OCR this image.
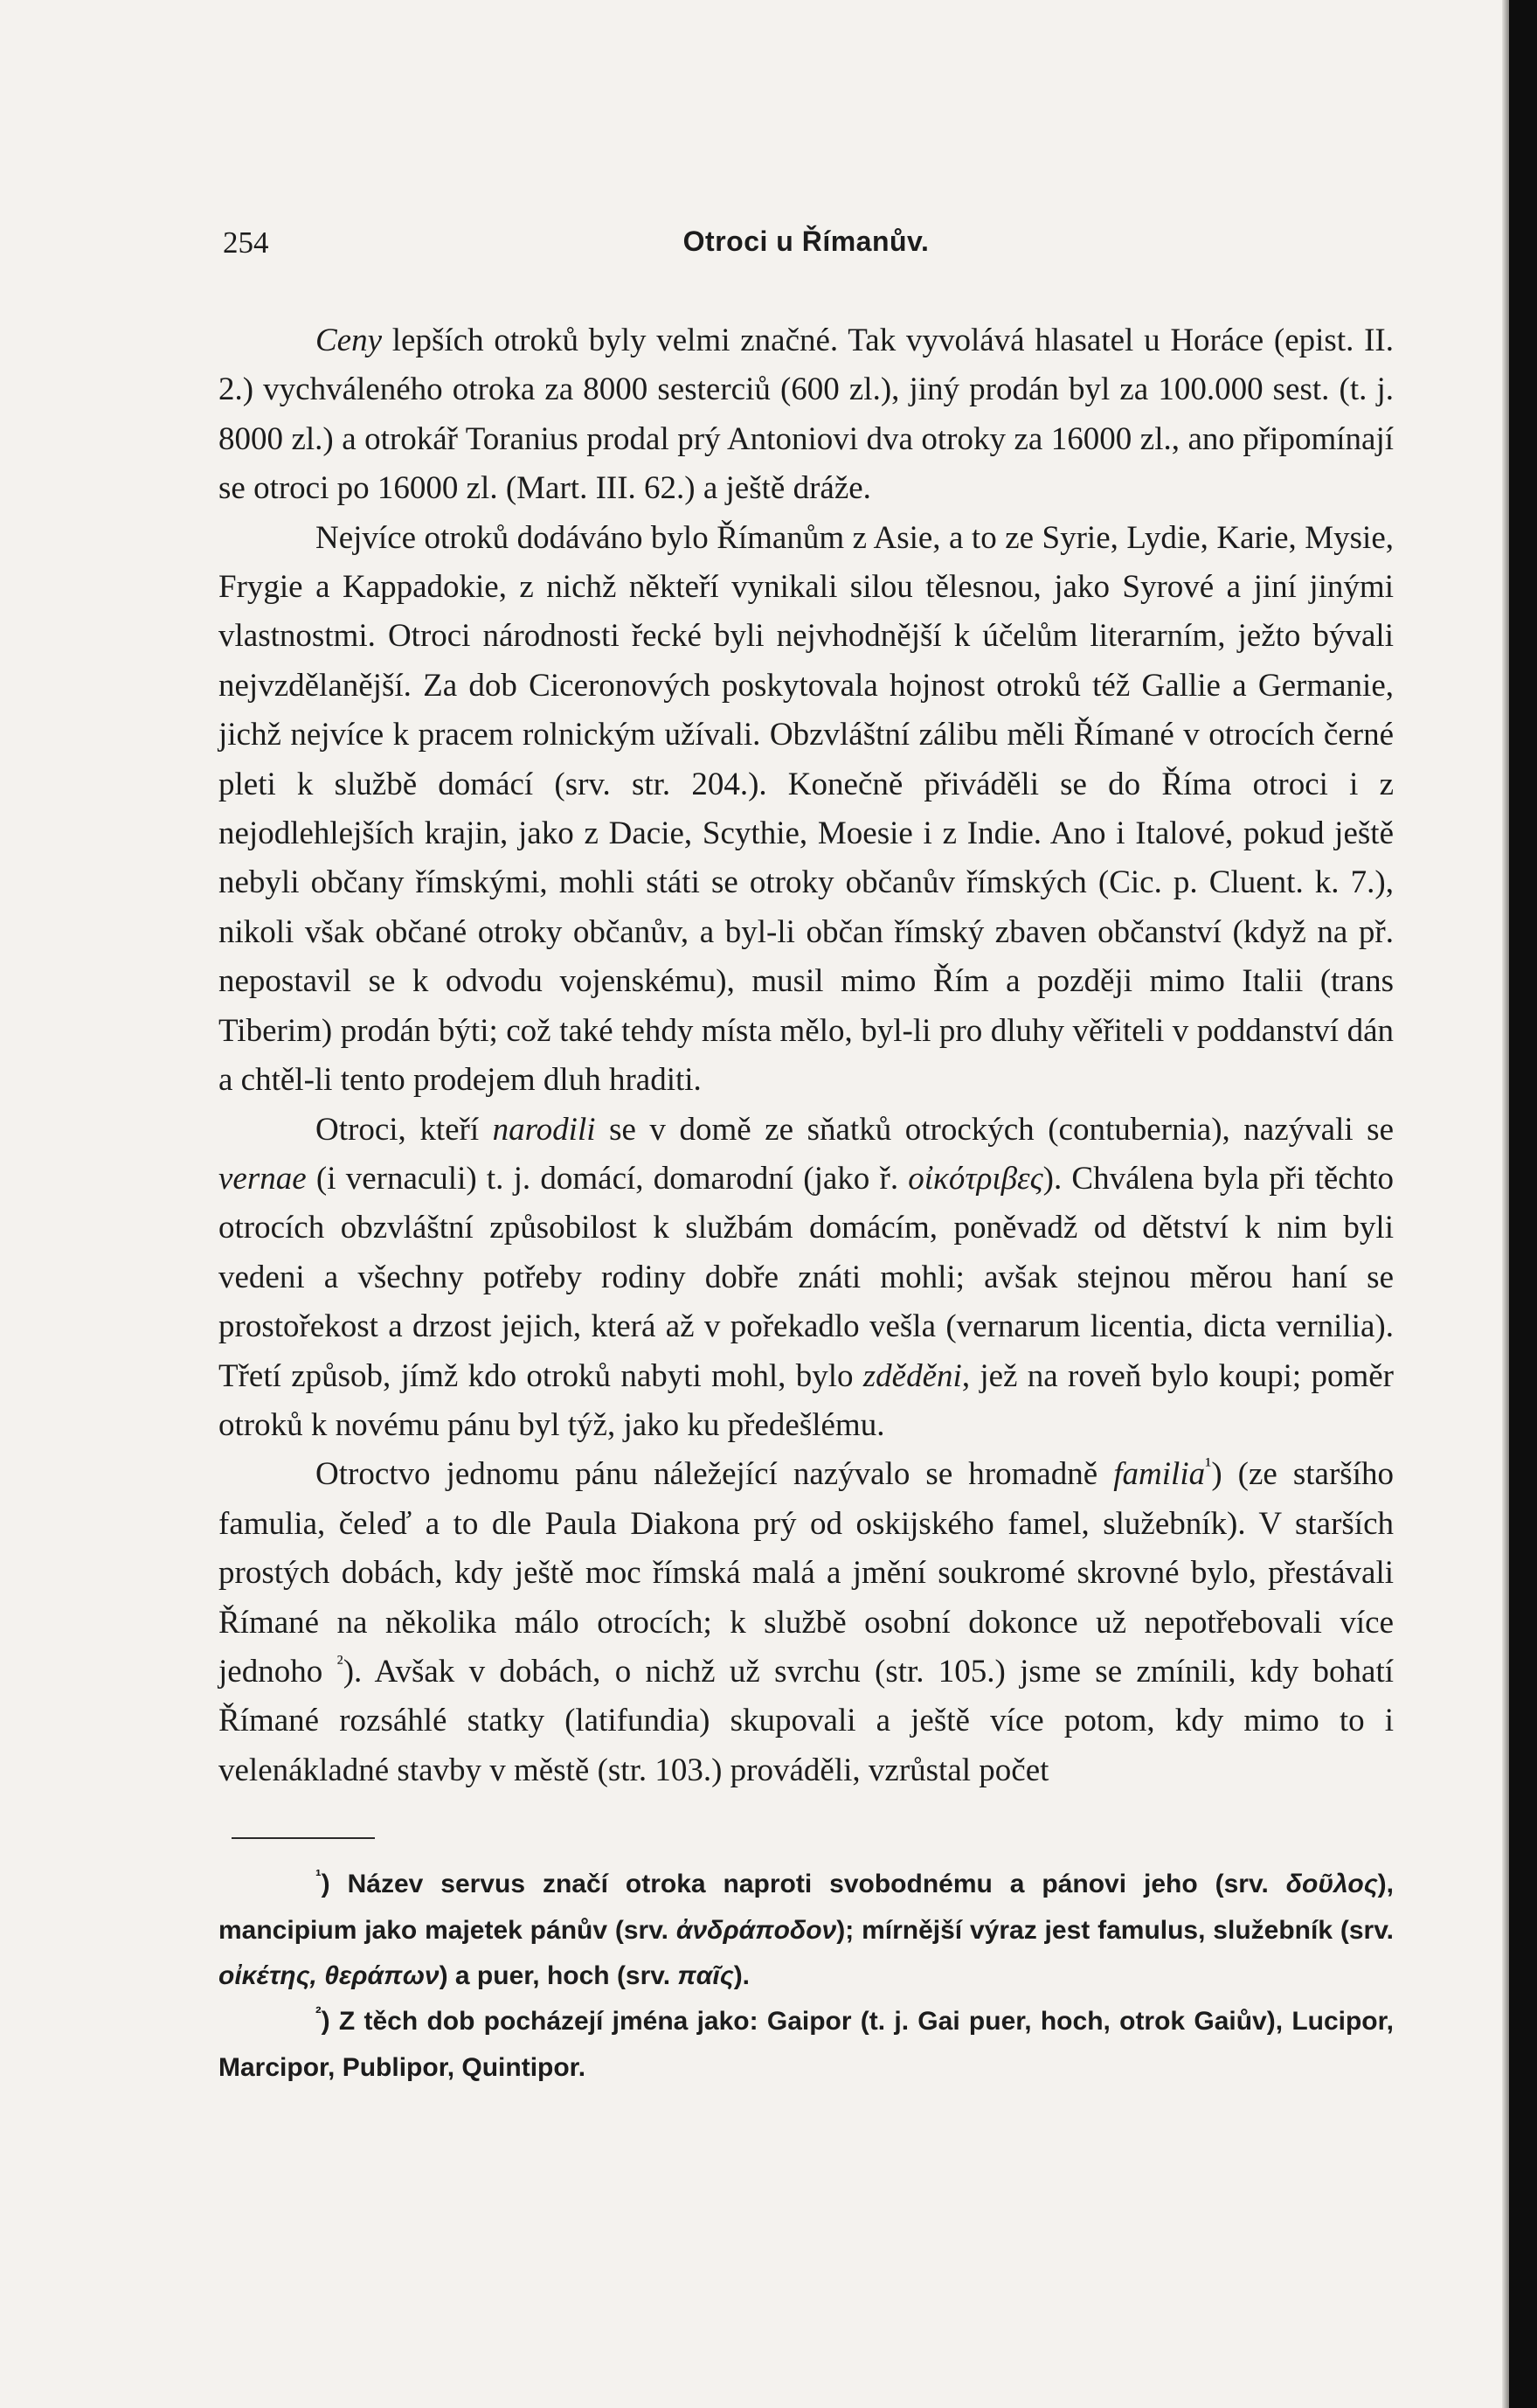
254	Otroci u Římanův.

Ceny lepších otroků byly velmi značné. Tak vyvolává hlasatel u Horáce (epist. II. 2.) vychváleného otroka za 8000 sesterciů (600 zl.), jiný prodán byl za 100.000 sest. (t. j. 8000 zl.) a otrokář Toranius prodal prý Antoniovi dva otroky za 16000 zl., ano připomínají se otroci po 16000 zl. (Mart. III. 62.) a ještě dráže.

Nejvíce otroků dodáváno bylo Římanům z Asie, a to ze Syrie, Lydie, Karie, Mysie, Frygie a Kappadokie, z nichž někteří vynikali silou tělesnou, jako Syrové a jiní jinými vlastnostmi. Otroci národnosti řecké byli nejvhodnější k účelům literarním, ježto bývali nejvzdělanější. Za dob Ciceronových poskytovala hojnost otroků též Gallie a Germanie, jichž nejvíce k pracem rolnickým užívali. Obzvláštní zálibu měli Římané v otrocích černé pleti k službě domácí (srv. str. 204.). Konečně přiváděli se do Říma otroci i z nejodlehlejších krajin, jako z Dacie, Scythie, Moesie i z Indie. Ano i Italové, pokud ještě nebyli občany římskými, mohli státi se otroky občanův římských (Cic. p. Cluent. k. 7.), nikoli však občané otroky občanův, a byl-li občan římský zbaven občanství (když na př. nepostavil se k odvodu vojenskému), musil mimo Řím a později mimo Italii (trans Tiberim) prodán býti; což také tehdy místa mělo, byl-li pro dluhy věřiteli v poddanství dán a chtěl-li tento prodejem dluh hraditi.

Otroci, kteří narodili se v domě ze sňatků otrockých (contubernia), nazývali se vernae (i vernaculi) t. j. domácí, domarodní (jako ř. οἰκότριβες). Chválena byla při těchto otrocích obzvláštní způsobilost k službám domácím, poněvadž od dětství k nim byli vedeni a všechny potřeby rodiny dobře znáti mohli; avšak stejnou měrou haní se prostořekost a drzost jejich, která až v pořekadlo vešla (vernarum licentia, dicta vernilia). Třetí způsob, jímž kdo otroků nabyti mohl, bylo zděděni, jež na roveň bylo koupi; poměr otroků k novému pánu byl týž, jako ku předešlému.

Otroctvo jednomu pánu náležející nazývalo se hromadně familia$^{^1}$) (ze staršího famulia, čeleď a to dle Paula Diakona prý od oskijského famel, služebník). V starších prostých dobách, kdy ještě moc římská malá a jmění soukromé skrovné bylo, přestávali Římané na několika málo otrocích; k službě osobní dokonce už nepotřebovali více jednoho $^{^2}$). Avšak v dobách, o nichž už svrchu (str. 105.) jsme se zmínili, kdy bohatí Římané rozsáhlé statky (latifundia) skupovali a ještě více potom, kdy mimo to i velenákladné stavby v městě (str. 103.) prováděli, vzrůstal počet

$^{^1}$) Název servus značí otroka naproti svobodnému a pánovi jeho (srv. δοῦλος), mancipium jako majetek pánův (srv. ἀνδράποδον); mírnější výraz jest famulus, služebník (srv. οἰκέτης, θεράπων) a puer, hoch (srv. παῖς).

$^{^2}$) Z těch dob pocházejí jména jako: Gaipor (t. j. Gai puer, hoch, otrok Gaiův), Lucipor, Marcipor, Publipor, Quintipor.
